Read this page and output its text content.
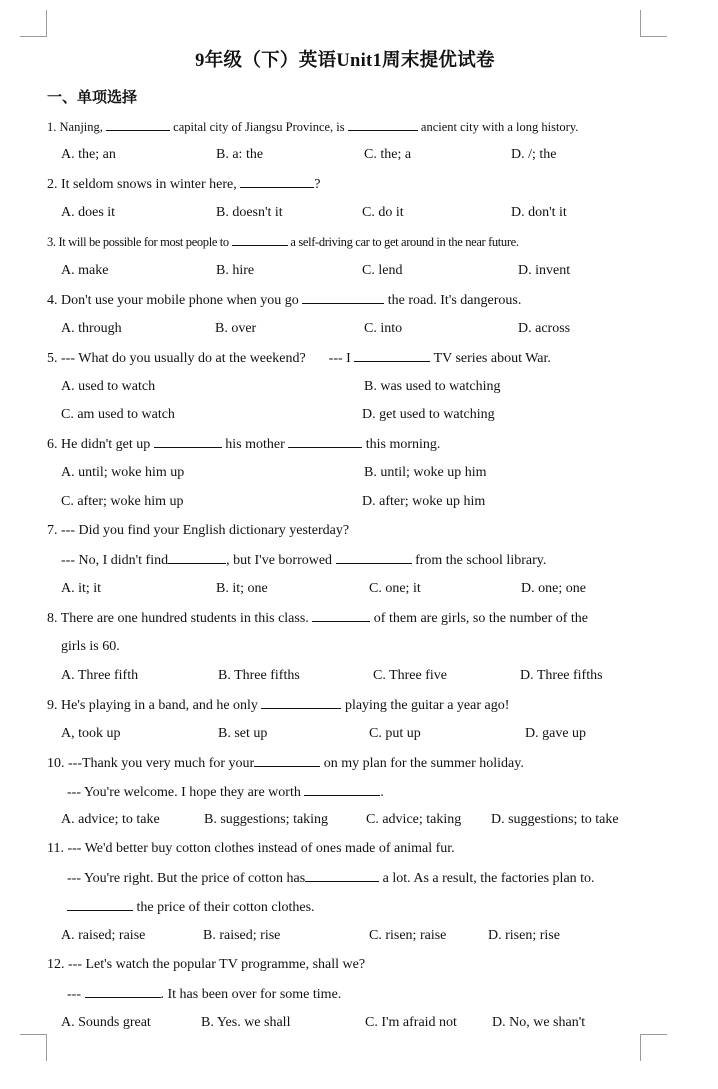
9年级（下）英语Unit1周末提优试卷
一、单项选择
1. Nanjing,	capital city of Jiangsu Province, is	ancient city with a long history.
A. the; an	B. a: the	C. the; a	D. /; the
2. It seldom snows in winter here,	?
A. does it	B. doesn't it	C. do it	D. don't it
3. It will be possible for most people to	a self-driving car to get around in the near future.
A. make	B. hire	C. lend	D. invent
4. Don't use your mobile phone when you go	the road. It's dangerous.
A. through	B. over	C. into	D. across
5. --- What do you usually do at the weekend? --- I	TV series about War.
A. used to watch	B. was used to watching
C. am used to watch	D. get used to watching
6. He didn't get up	his mother	this morning.
A. until; woke him up	B. until; woke up him
C. after; woke him up	D. after; woke up him
7. --- Did you find your English dictionary yesterday?
--- No, I didn't find	, but I've borrowed	from the school library.
A. it; it	B. it; one	C. one; it	D. one; one
8. There are one hundred students in this class.	of them are girls, so the number of the
girls is 60.
A. Three fifth	B. Three fifths	C. Three five	D. Three fifths
9. He's playing in a band, and he only	playing the guitar a year ago!
A, took up	B. set up	C. put up	D. gave up
10. ---Thank you very much for your	on my plan for the summer holiday.
--- You're welcome. I hope they are worth	.
A. advice; to take	B. suggestions; taking	C. advice; taking D. suggestions; to take
11. --- We'd better buy cotton clothes instead of ones made of animal fur.
--- You're right. But the price of cotton has	a lot. As a result, the factories plan to.
the price of their cotton clothes.
A. raised; raise	B. raised; rise	C. risen; raise	D. risen; rise
12. --- Let's watch the popular TV programme, shall we?
---	. It has been over for some time.
A. Sounds great	B. Yes. we shall	C. I'm afraid not	D. No, we shan't
